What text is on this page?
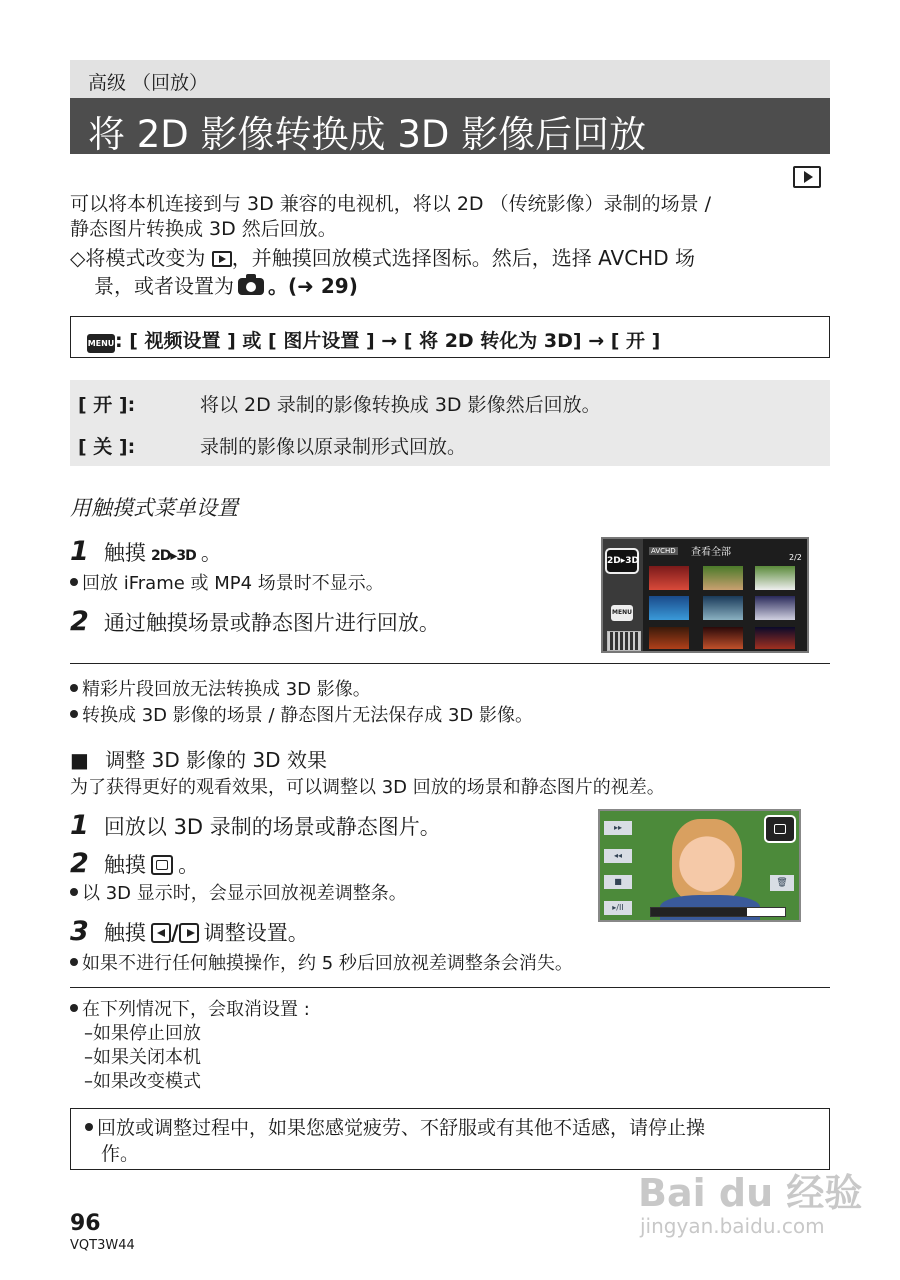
高级 （回放）
将 2D 影像转换成 3D 影像后回放
可以将本机连接到与 3D 兼容的电视机，将以 2D （传统影像）录制的场景 /
静态图片转换成 3D 然后回放。
◇将模式改变为 ，并触摸回放模式选择图标。然后，选择 AVCHD 场
景，或者设置为 。(➜ 29)
MENU: [ 视频设置 ] 或 [ 图片设置 ] → [ 将 2D 转化为 3D] → [ 开 ]
[ 开 ]:	将以 2D 录制的影像转换成 3D 影像然后回放。
[ 关 ]:	录制的影像以原录制形式回放。
用触摸式菜单设置
1 触摸 2D▸3D 。
回放 iFrame 或 MP4 场景时不显示。
2 通过触摸场景或静态图片进行回放。
2D▸3D
MENU
AVCHD 查看全部	2/2
精彩片段回放无法转换成 3D 影像。
转换成 3D 影像的场景 / 静态图片无法保存成 3D 影像。
■ 调整 3D 影像的 3D 效果
为了获得更好的观看效果，可以调整以 3D 回放的场景和静态图片的视差。
1 回放以 3D 录制的场景或静态图片。
2 触摸 。
以 3D 显示时，会显示回放视差调整条。
3 触摸 / 调整设置。
如果不进行任何触摸操作，约 5 秒后回放视差调整条会消失。
▸▸
◂◂
■
▸/II
🗑
在下列情况下，会取消设置 :
–如果停止回放
–如果关闭本机
–如果改变模式
回放或调整过程中，如果您感觉疲劳、不舒服或有其他不适感，请停止操
作。
96
VQT3W44
Bai du 经验
jingyan.baidu.com
